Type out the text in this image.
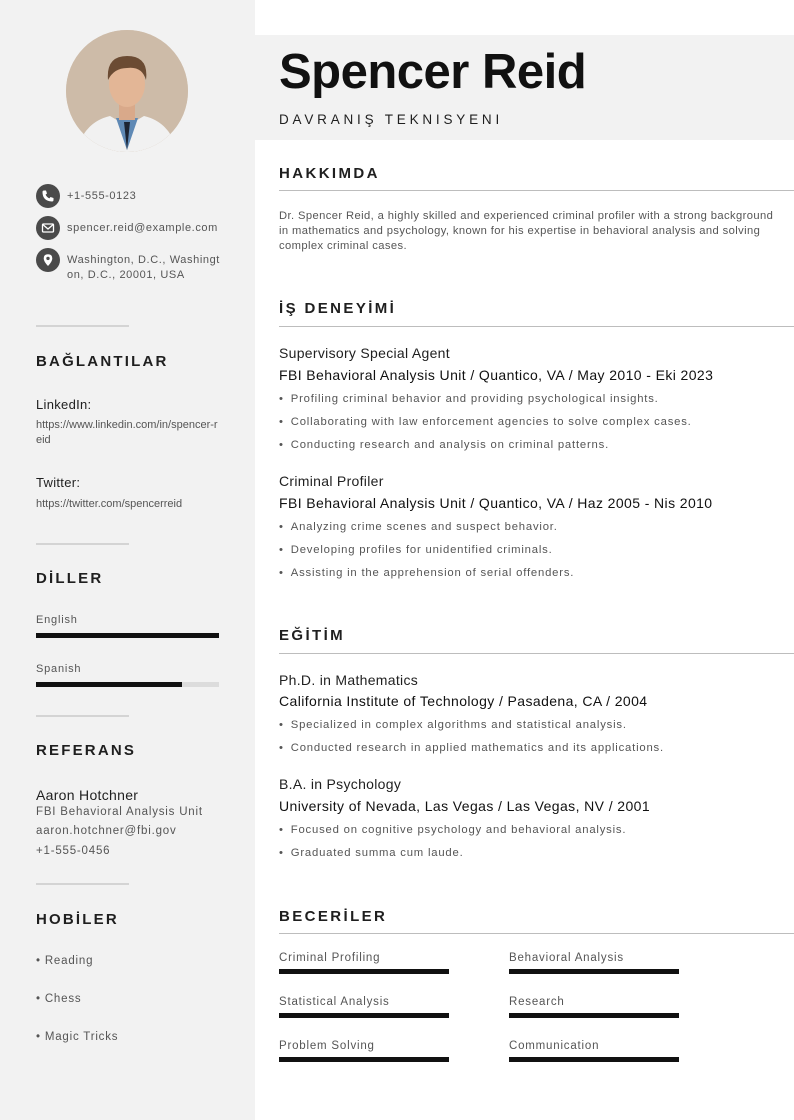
+1-555-0123
spencer.reid@example.com
Washington, D.C., Washington, D.C., 20001, USA
BAĞLANTILAR
LinkedIn:
https://www.linkedin.com/in/spencer-reid
Twitter:
https://twitter.com/spencerreid
DİLLER
English
Spanish
REFERANS
Aaron Hotchner
FBI Behavioral Analysis Unit
aaron.hotchner@fbi.gov
+1-555-0456
HOBİLER
• Reading
• Chess
• Magic Tricks
Spencer Reid
DAVRANIŞ TEKNISYENI
HAKKIMDA
Dr. Spencer Reid, a highly skilled and experienced criminal profiler with a strong background in mathematics and psychology, known for his expertise in behavioral analysis and solving complex criminal cases.
İŞ DENEYİMİ
Supervisory Special Agent
FBI Behavioral Analysis Unit / Quantico, VA / May 2010 - Eki 2023
• Profiling criminal behavior and providing psychological insights.
• Collaborating with law enforcement agencies to solve complex cases.
• Conducting research and analysis on criminal patterns.
Criminal Profiler
FBI Behavioral Analysis Unit / Quantico, VA / Haz 2005 - Nis 2010
• Analyzing crime scenes and suspect behavior.
• Developing profiles for unidentified criminals.
• Assisting in the apprehension of serial offenders.
EĞİTİM
Ph.D. in Mathematics
California Institute of Technology / Pasadena, CA / 2004
• Specialized in complex algorithms and statistical analysis.
• Conducted research in applied mathematics and its applications.
B.A. in Psychology
University of Nevada, Las Vegas / Las Vegas, NV / 2001
• Focused on cognitive psychology and behavioral analysis.
• Graduated summa cum laude.
BECERİLER
Criminal Profiling	Behavioral Analysis
Statistical Analysis	Research
Problem Solving	Communication
